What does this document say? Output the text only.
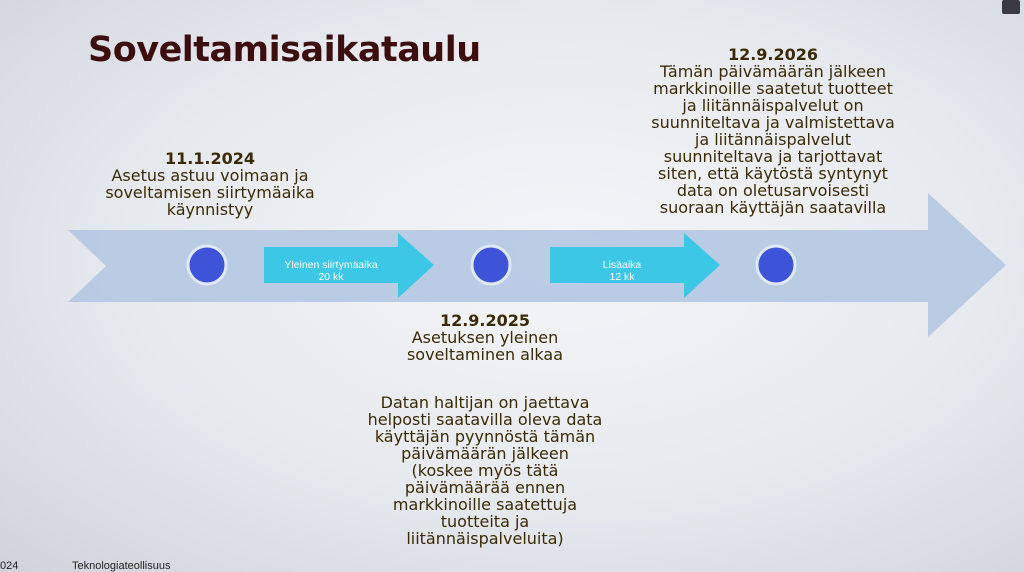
Soveltamisaikataulu
Yleinen siirtymäaika
20 kk
Lisäaika
12 kk
11.1.2024
Asetus astuu voimaan ja
soveltamisen siirtymäaika
käynnistyy
12.9.2025
Asetuksen yleinen
soveltaminen alkaa
12.9.2026
Tämän päivämäärän jälkeen
markkinoille saatetut tuotteet
ja liitännäispalvelut on
suunniteltava ja valmistettava
ja liitännäispalvelut
suunniteltava ja tarjottavat
siten, että käytöstä syntynyt
data on oletusarvoisesti
suoraan käyttäjän saatavilla
Datan haltijan on jaettava
helposti saatavilla oleva data
käyttäjän pyynnöstä tämän
päivämäärän jälkeen
(koskee myös tätä
päivämäärää ennen
markkinoille saatettuja
tuotteita ja
liitännäispalveluita)
024	Teknologiateollisuus
